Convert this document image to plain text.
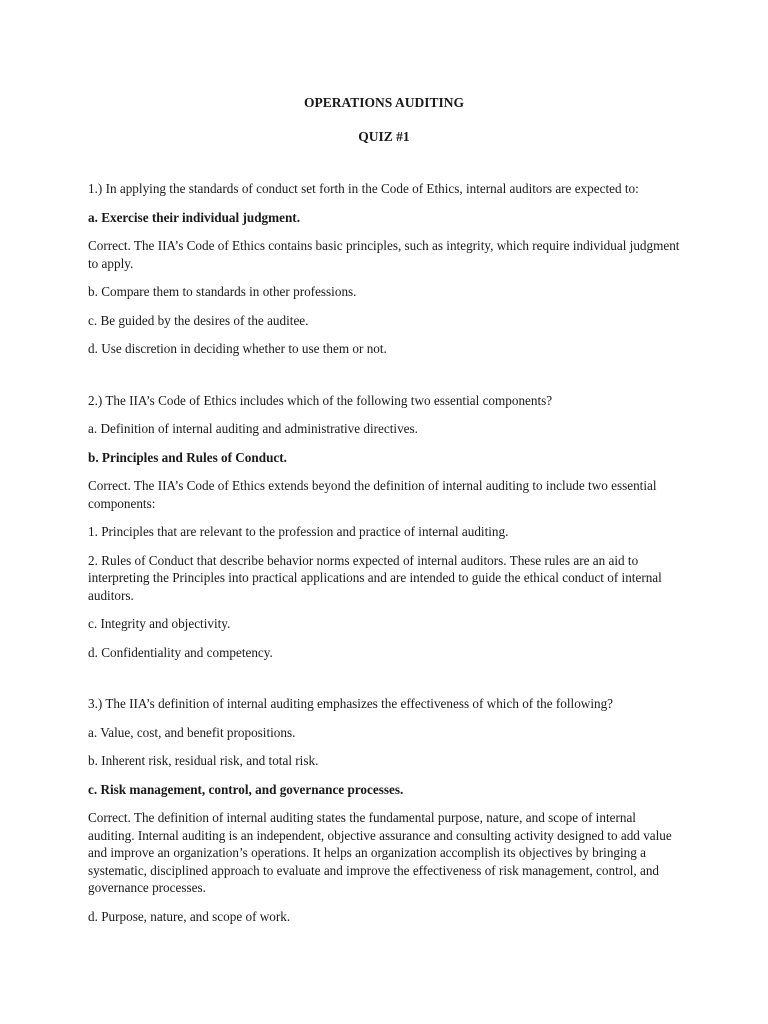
OPERATIONS AUDITING
QUIZ #1

1.) In applying the standards of conduct set forth in the Code of Ethics, internal auditors are expected to:

a. Exercise their individual judgment.

Correct. The IIA’s Code of Ethics contains basic principles, such as integrity, which require individual judgment to apply.

b. Compare them to standards in other professions.

c. Be guided by the desires of the auditee.

d. Use discretion in deciding whether to use them or not.

2.) The IIA’s Code of Ethics includes which of the following two essential components?

a. Definition of internal auditing and administrative directives.

b. Principles and Rules of Conduct.

Correct. The IIA’s Code of Ethics extends beyond the definition of internal auditing to include two essential components:

1. Principles that are relevant to the profession and practice of internal auditing.

2. Rules of Conduct that describe behavior norms expected of internal auditors. These rules are an aid to interpreting the Principles into practical applications and are intended to guide the ethical conduct of internal auditors.

c. Integrity and objectivity.

d. Confidentiality and competency.

3.) The IIA’s definition of internal auditing emphasizes the effectiveness of which of the following?

a. Value, cost, and benefit propositions.

b. Inherent risk, residual risk, and total risk.

c. Risk management, control, and governance processes.

Correct. The definition of internal auditing states the fundamental purpose, nature, and scope of internal auditing. Internal auditing is an independent, objective assurance and consulting activity designed to add value and improve an organization’s operations. It helps an organization accomplish its objectives by bringing a systematic, disciplined approach to evaluate and improve the effectiveness of risk management, control, and governance processes.

d. Purpose, nature, and scope of work.
